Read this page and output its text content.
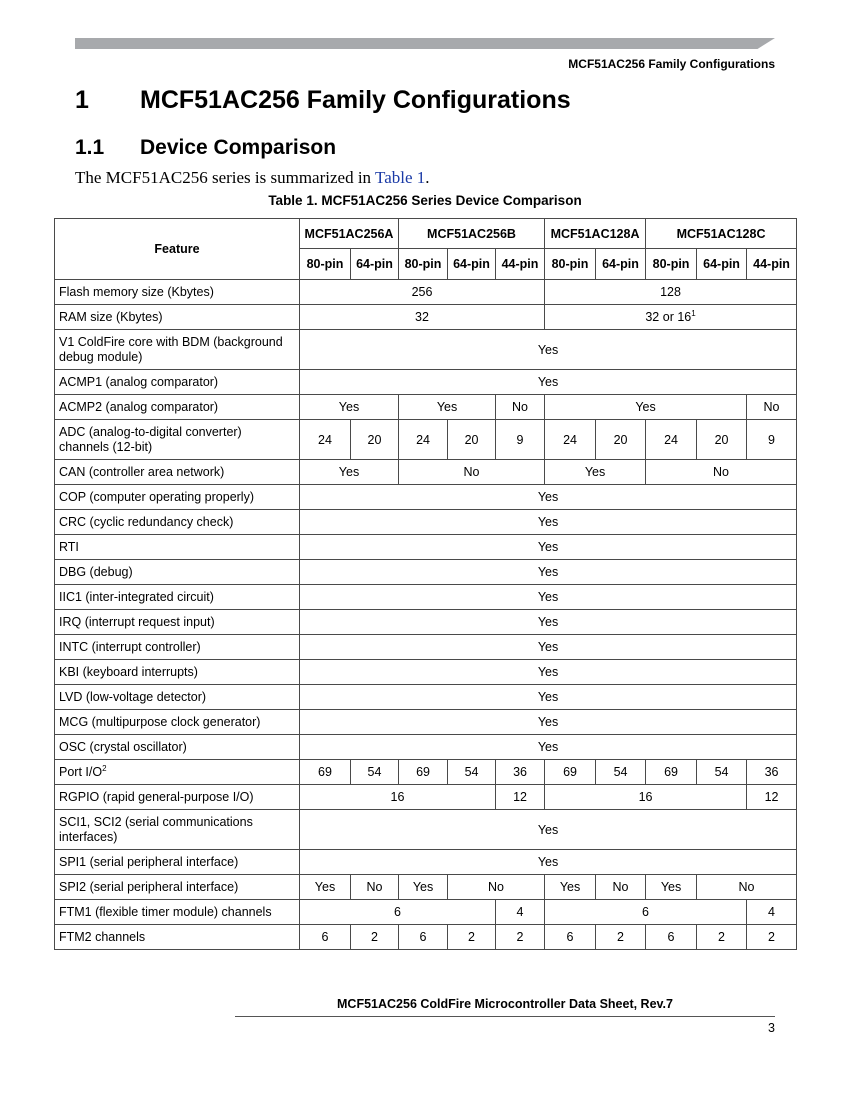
MCF51AC256 Family Configurations
1	MCF51AC256 Family Configurations
1.1	Device Comparison
The MCF51AC256 series is summarized in Table 1.
Table 1. MCF51AC256 Series Device Comparison
Feature	MCF51AC256A		MCF51AC256B			MCF51AC128A		MCF51AC128C		
	80-pin	64-pin	80-pin	64-pin	44-pin	80-pin	64-pin	80-pin	64-pin	44-pin
Flash memory size (Kbytes)	256					128				
RAM size (Kbytes)	32					32 or $16^1$
V1 ColdFire core with BDM (background debug module)	Yes									
ACMP1 (analog comparator)	Yes									
ACMP2 (analog comparator)	Yes		Yes		No	Yes				No
ADC (analog-to-digital converter) channels (12-bit)	24	20	24	20	9	24	20	24	20	9
CAN (controller area network)	Yes		No			Yes		No		
COP (computer operating properly)	Yes									
CRC (cyclic redundancy check)	Yes									
RTI	Yes									
DBG (debug)	Yes									
IIC1 (inter-integrated circuit)	Yes									
IRQ (interrupt request input)	Yes									
INTC (interrupt controller)	Yes									
KBI (keyboard interrupts)	Yes									
LVD (low-voltage detector)	Yes									
MCG (multipurpose clock generator)	Yes									
OSC (crystal oscillator)	Yes									
Port $I/O^2$	69	54	69	54	36	69	54	69	54	36
RGPIO (rapid general-purpose I/O)	16				12	16				12
SCI1, SCI2 (serial communications interfaces)	Yes									
SPI1 (serial peripheral interface)	Yes									
SPI2 (serial peripheral interface)	Yes	No	Yes	No		Yes	No	Yes	No	
FTM1 (flexible timer module) channels	6				4	6				4
FTM2 channels	6	2	6	2	2	6	2	6	2	2
MCF51AC256 ColdFire Microcontroller Data Sheet, Rev.7
3
